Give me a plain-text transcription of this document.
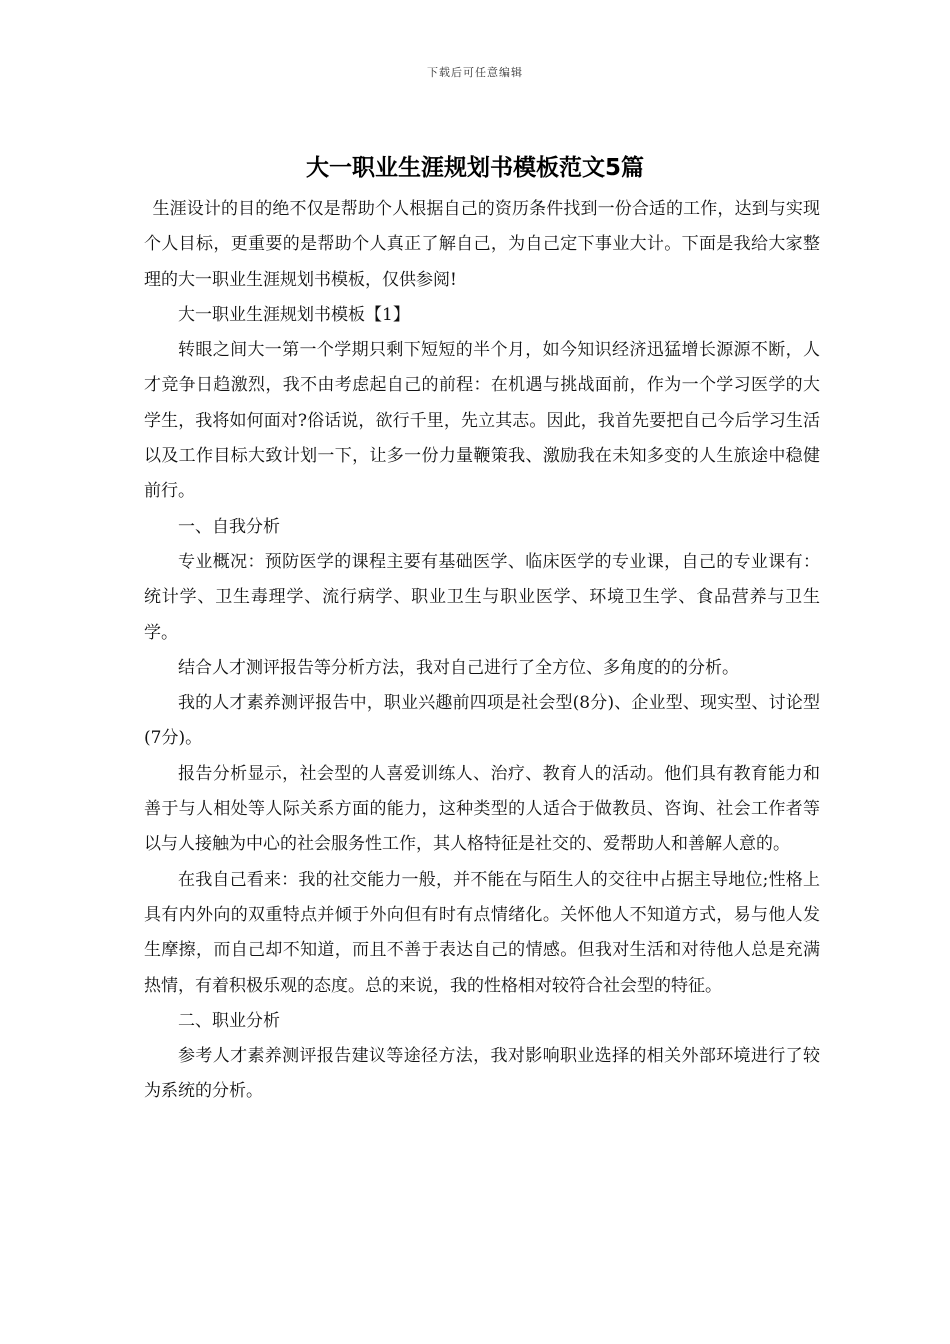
下载后可任意编辑
大一职业生涯规划书模板范文5篇

生涯设计的目的绝不仅是帮助个人根据自己的资历条件找到一份合适的工作，达到与实现个人目标，更重要的是帮助个人真正了解自己，为自己定下事业大计。下面是我给大家整理的大一职业生涯规划书模板，仅供参阅!

大一职业生涯规划书模板【1】

转眼之间大一第一个学期只剩下短短的半个月，如今知识经济迅猛增长源源不断，人才竞争日趋激烈，我不由考虑起自己的前程：在机遇与挑战面前，作为一个学习医学的大学生，我将如何面对?俗话说，欲行千里，先立其志。因此，我首先要把自己今后学习生活以及工作目标大致计划一下，让多一份力量鞭策我、激励我在未知多变的人生旅途中稳健前行。

一、自我分析

专业概况：预防医学的课程主要有基础医学、临床医学的专业课，自己的专业课有：统计学、卫生毒理学、流行病学、职业卫生与职业医学、环境卫生学、食品营养与卫生学。

结合人才测评报告等分析方法，我对自己进行了全方位、多角度的的分析。

我的人才素养测评报告中，职业兴趣前四项是社会型(8分)、企业型、现实型、讨论型(7分)。

报告分析显示，社会型的人喜爱训练人、治疗、教育人的活动。他们具有教育能力和善于与人相处等人际关系方面的能力，这种类型的人适合于做教员、咨询、社会工作者等以与人接触为中心的社会服务性工作，其人格特征是社交的、爱帮助人和善解人意的。

在我自己看来：我的社交能力一般，并不能在与陌生人的交往中占据主导地位;性格上具有内外向的双重特点并倾于外向但有时有点情绪化。关怀他人不知道方式，易与他人发生摩擦，而自己却不知道，而且不善于表达自己的情感。但我对生活和对待他人总是充满热情，有着积极乐观的态度。总的来说，我的性格相对较符合社会型的特征。

二、职业分析

参考人才素养测评报告建议等途径方法，我对影响职业选择的相关外部环境进行了较为系统的分析。
